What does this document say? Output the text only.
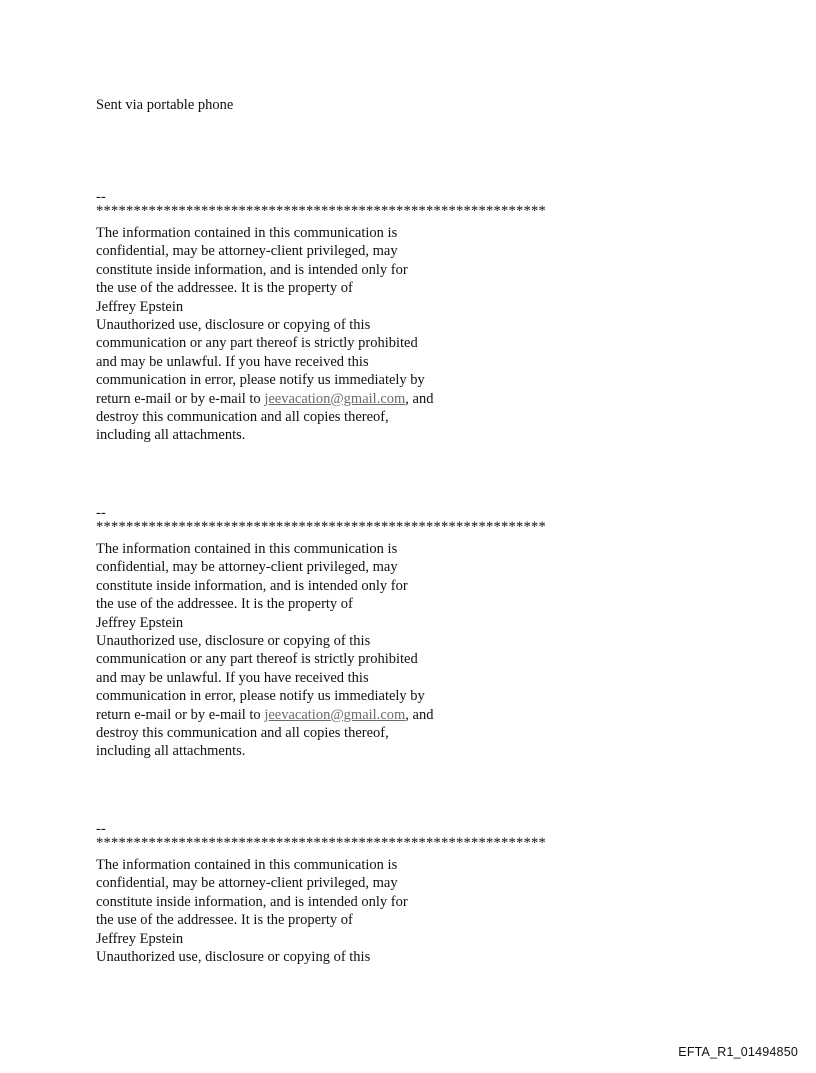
Sent via portable phone
--
************************************************************
The information contained in this communication is
confidential, may be attorney-client privileged, may
constitute inside information, and is intended only for
the use of the addressee. It is the property of
Jeffrey Epstein
Unauthorized use, disclosure or copying of this
communication or any part thereof is strictly prohibited
and may be unlawful. If you have received this
communication in error, please notify us immediately by
return e-mail or by e-mail to jeevacation@gmail.com, and
destroy this communication and all copies thereof,
including all attachments.
--
************************************************************
The information contained in this communication is
confidential, may be attorney-client privileged, may
constitute inside information, and is intended only for
the use of the addressee. It is the property of
Jeffrey Epstein
Unauthorized use, disclosure or copying of this
communication or any part thereof is strictly prohibited
and may be unlawful. If you have received this
communication in error, please notify us immediately by
return e-mail or by e-mail to jeevacation@gmail.com, and
destroy this communication and all copies thereof,
including all attachments.
--
************************************************************
The information contained in this communication is
confidential, may be attorney-client privileged, may
constitute inside information, and is intended only for
the use of the addressee. It is the property of
Jeffrey Epstein
Unauthorized use, disclosure or copying of this
EFTA_R1_01494850
